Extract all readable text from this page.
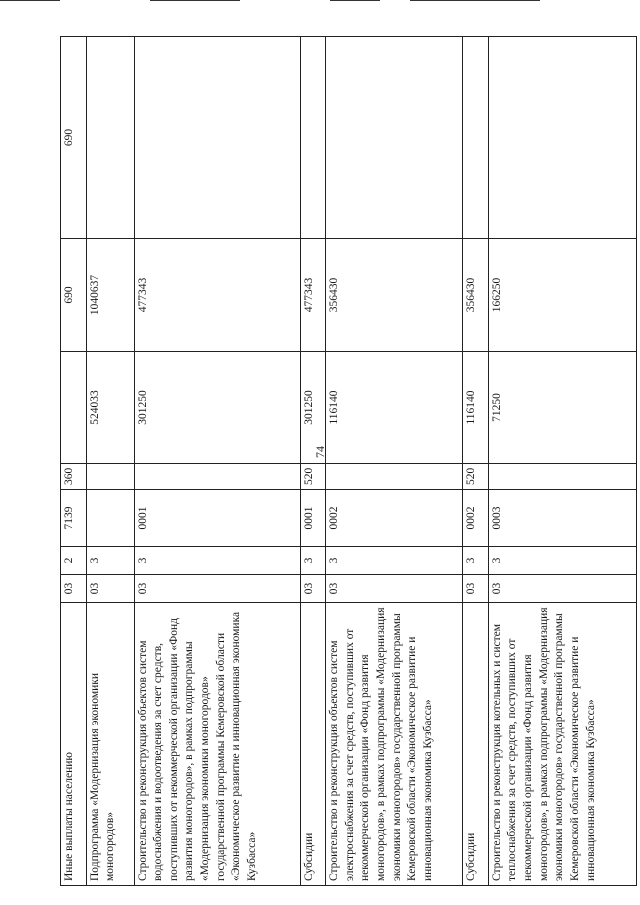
74
Иные выплаты населению	03	2	7139	360		690	690
Подпрограмма «Модернизация экономики моногородов»	03	3			524033	1040637	
Строительство и реконструкция объектов систем водоснабжения и водоотведения за счет средств, поступивших от некоммерческой организации «Фонд развития моногородов», в рамках подпрограммы «Модернизация экономики моногородов» государственной программы Кемеровской области «Экономическое развитие и инновационная экономика Кузбасса»	03	3	0001		301250	477343	
Субсидии	03	3	0001	520	301250	477343	
Строительство и реконструкция объектов систем электроснабжения за счет средств, поступивших от некоммерческой организации «Фонд развития моногородов», в рамках подпрограммы «Модернизация экономики моногородов» государственной программы Кемеровской области «Экономическое развитие и инновационная экономика Кузбасса»	03	3	0002		116140	356430	
Субсидии	03	3	0002	520	116140	356430	
Строительство и реконструкция котельных и систем теплоснабжения за счет средств, поступивших от некоммерческой организации «Фонд развития моногородов», в рамках подпрограммы «Модернизация экономики моногородов» государственной программы Кемеровской области «Экономическое развитие и инновационная экономика Кузбасса»	03	3	0003		71250	166250	
